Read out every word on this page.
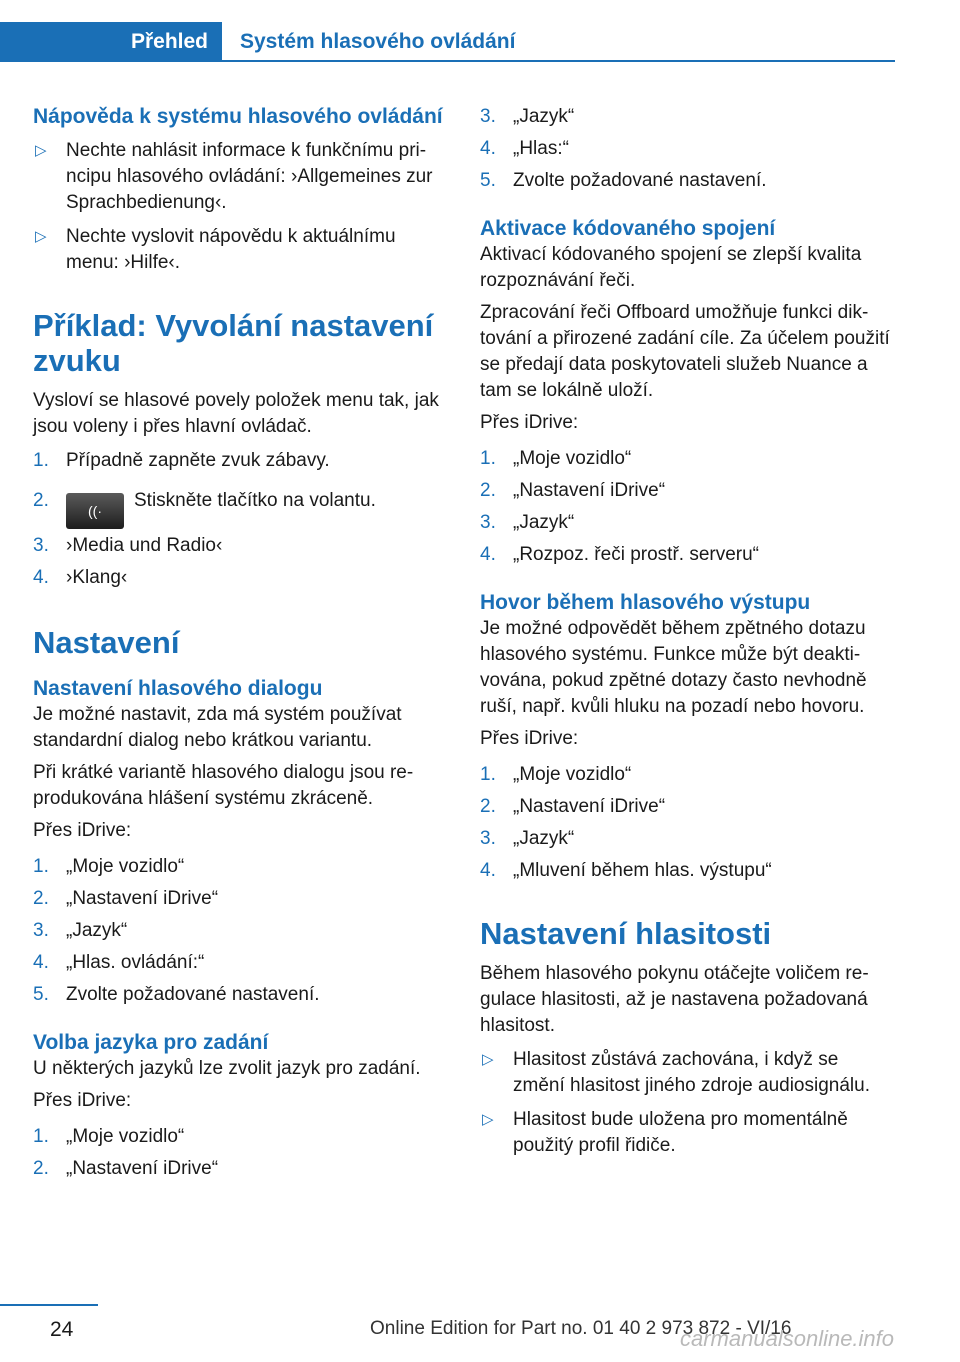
Přehled	Systém hlasového ovládání
Nápověda k systému hlasového ovládání
▷ Nechte nahlásit informace k funkčnímu principu hlasového ovládání: ›Allgemeines zur Sprachbedienung‹.
▷ Nechte vyslovit nápovědu k aktuálnímu menu: ›Hilfe‹.
Příklad: Vyvolání nastavení zvuku

Vysloví se hlasové povely položek menu tak, jak jsou voleny i přes hlavní ovládač.

1. Případně zapněte zvuk zábavy.
2.	((· Stiskněte tlačítko na volantu.
3. ›Media und Radio‹
4. ›Klang‹
Nastavení
Nastavení hlasového dialogu

Je možné nastavit, zda má systém používat standardní dialog nebo krátkou variantu.

Při krátké variantě hlasového dialogu jsou reprodukována hlášení systému zkráceně.

Přes iDrive:

1. „Moje vozidlo“
2. „Nastavení iDrive“
3. „Jazyk“
4. „Hlas. ovládání:“
5. Zvolte požadované nastavení.
Volba jazyka pro zadání

U některých jazyků lze zvolit jazyk pro zadání.

Přes iDrive:

1. „Moje vozidlo“
2. „Nastavení iDrive“
3. „Jazyk“
4. „Hlas:“
5. Zvolte požadované nastavení.
Aktivace kódovaného spojení

Aktivací kódovaného spojení se zlepší kvalita rozpoznávání řeči.

Zpracování řeči Offboard umožňuje funkci diktování a přirozené zadání cíle. Za účelem použití se předají data poskytovateli služeb Nuance a tam se lokálně uloží.

Přes iDrive:

1. „Moje vozidlo“
2. „Nastavení iDrive“
3. „Jazyk“
4. „Rozpoz. řeči prostř. serveru“
Hovor během hlasového výstupu

Je možné odpovědět během zpětného dotazu hlasového systému. Funkce může být deaktivována, pokud zpětné dotazy často nevhodně ruší, např. kvůli hluku na pozadí nebo hovoru.

Přes iDrive:

1. „Moje vozidlo“
2. „Nastavení iDrive“
3. „Jazyk“
4. „Mluvení během hlas. výstupu“
Nastavení hlasitosti

Během hlasového pokynu otáčejte voličem regulace hlasitosti, až je nastavena požadovaná hlasitost.

▷ Hlasitost zůstává zachována, i když se změní hlasitost jiného zdroje audiosignálu.
▷ Hlasitost bude uložena pro momentálně použitý profil řidiče.
24	Online Edition for Part no. 01 40 2 973 872 - VI/16
carmanualsonline.info
